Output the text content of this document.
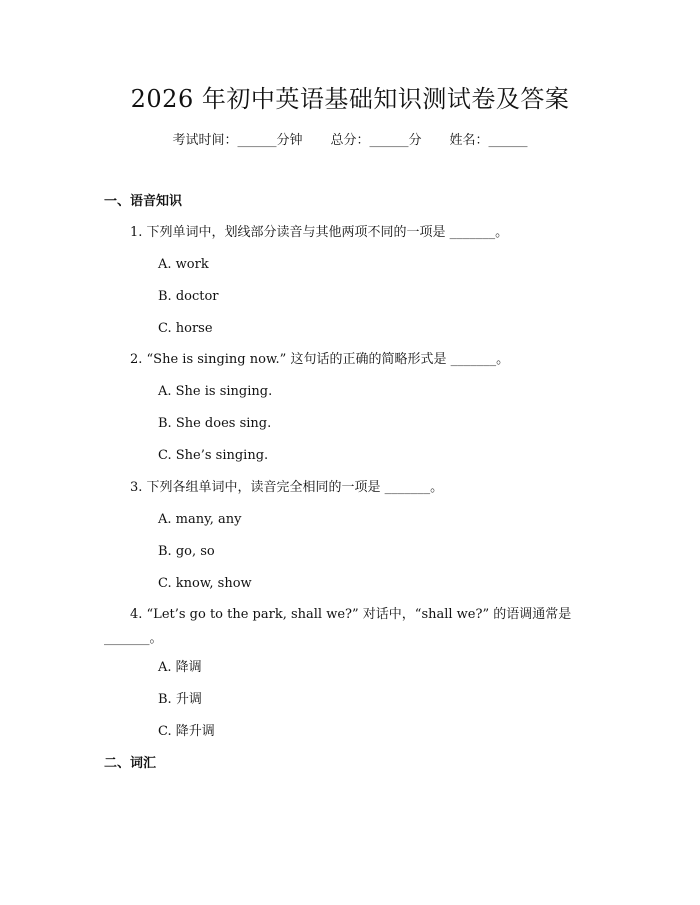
2026 年初中英语基础知识测试卷及答案
考试时间：______分钟 总分：______分 姓名：______
一、语音知识
1. 下列单词中，划线部分读音与其他两项不同的一项是 _______。
A. work
B. doctor
C. horse
2. “She is singing now.” 这句话的正确的简略形式是 _______。
A. She is singing.
B. She does sing.
C. She’s singing.
3. 下列各组单词中，读音完全相同的一项是 _______。
A. many, any
B. go, so
C. know, show
4. “Let’s go to the park, shall we?” 对话中，“shall we?” 的语调通常是 _______。
A. 降调
B. 升调
C. 降升调
二、词汇
